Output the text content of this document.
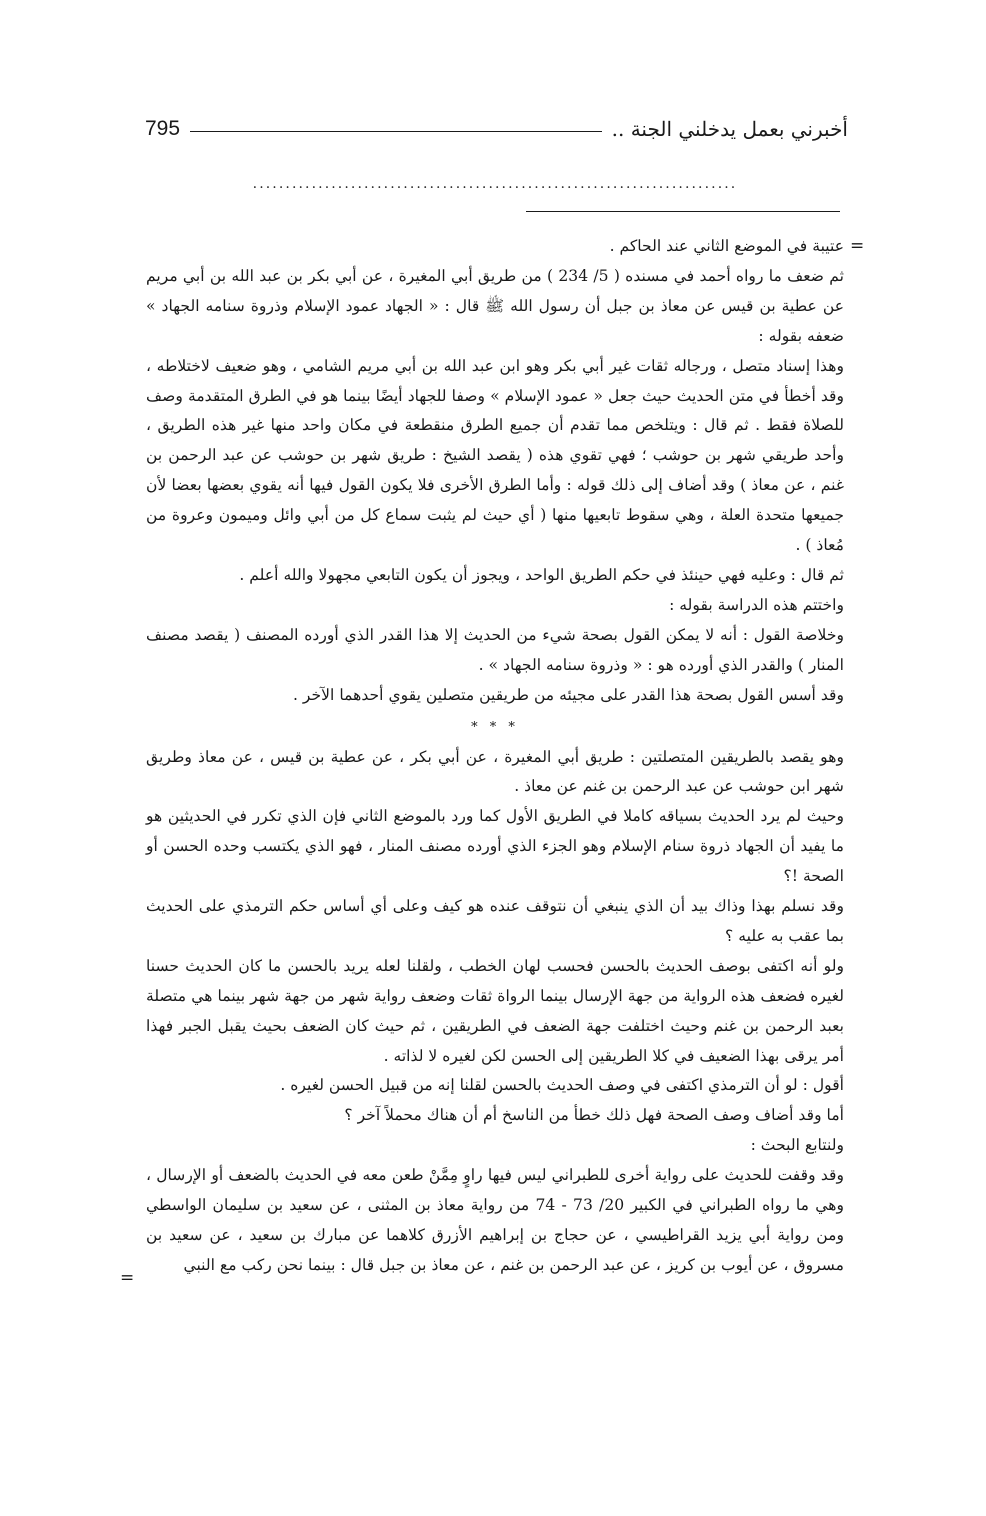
795	أخبرني بعمل يدخلني الجنة ..
..........................................................................
=
=

عتيبة في الموضع الثاني عند الحاكم .

ثم ضعف ما رواه أحمد في مسنده ( 5/ 234 ) من طريق أبي المغيرة ، عن أبي بكر بن عبد الله بن أبي مريم عن عطية بن قيس عن معاذ بن جبل أن رسول الله ﷺ قال : « الجهاد عمود الإسلام وذروة سنامه الجهاد » ضعفه بقوله :

وهذا إسناد متصل ، ورجاله ثقات غير أبي بكر وهو ابن عبد الله بن أبي مريم الشامي ، وهو ضعيف لاختلاطه ، وقد أخطأ في متن الحديث حيث جعل « عمود الإسلام » وصفا للجهاد أيضًا بينما هو في الطرق المتقدمة وصف للصلاة فقط . ثم قال : ويتلخص مما تقدم أن جميع الطرق منقطعة في مكان واحد منها غير هذه الطريق ، وأحد طريقي شهر بن حوشب ؛ فهي تقوي هذه ( يقصد الشيخ : طريق شهر بن حوشب عن عبد الرحمن بن غنم ، عن معاذ ) وقد أضاف إلى ذلك قوله : وأما الطرق الأخرى فلا يكون القول فيها أنه يقوي بعضها بعضا لأن جميعها متحدة العلة ، وهي سقوط تابعيها منها ( أي حيث لم يثبت سماع كل من أبي وائل وميمون وعروة من مُعاذ ) .

ثم قال : وعليه فهي حينئذ في حكم الطريق الواحد ، ويجوز أن يكون التابعي مجهولا والله أعلم .

واختتم هذه الدراسة بقوله :

وخلاصة القول : أنه لا يمكن القول بصحة شيء من الحديث إلا هذا القدر الذي أورده المصنف ( يقصد مصنف المنار ) والقدر الذي أورده هو : « وذروة سنامه الجهاد » .

وقد أسس القول بصحة هذا القدر على مجيئه من طريقين متصلين يقوي أحدهما الآخر .

* * *

وهو يقصد بالطريقين المتصلتين : طريق أبي المغيرة ، عن أبي بكر ، عن عطية بن قيس ، عن معاذ وطريق شهر ابن حوشب عن عبد الرحمن بن غنم عن معاذ .

وحيث لم يرد الحديث بسياقه كاملا في الطريق الأول كما ورد بالموضع الثاني فإن الذي تكرر في الحديثين هو ما يفيد أن الجهاد ذروة سنام الإسلام وهو الجزء الذي أورده مصنف المنار ، فهو الذي يكتسب وحده الحسن أو الصحة !؟

وقد نسلم بهذا وذاك بيد أن الذي ينبغي أن نتوقف عنده هو كيف وعلى أي أساس حكم الترمذي على الحديث بما عقب به عليه ؟

ولو أنه اكتفى بوصف الحديث بالحسن فحسب لهان الخطب ، ولقلنا لعله يريد بالحسن ما كان الحديث حسنا لغيره فضعف هذه الرواية من جهة الإرسال بينما الرواة ثقات وضعف رواية شهر من جهة شهر بينما هي متصلة بعبد الرحمن بن غنم وحيث اختلفت جهة الضعف في الطريقين ، ثم حيث كان الضعف بحيث يقبل الجبر فهذا أمر يرقى بهذا الضعيف في كلا الطريقين إلى الحسن لكن لغيره لا لذاته .

أقول : لو أن الترمذي اكتفى في وصف الحديث بالحسن لقلنا إنه من قبيل الحسن لغيره .

أما وقد أضاف وصف الصحة فهل ذلك خطأ من الناسخ أم أن هناك محملاً آخر ؟

ولنتابع البحث :

وقد وقفت للحديث على رواية أخرى للطبراني ليس فيها راوٍ مِمَّنْ طعن معه في الحديث بالضعف أو الإرسال ، وهي ما رواه الطبراني في الكبير 20/ 73 - 74 من رواية معاذ بن المثنى ، عن سعيد بن سليمان الواسطي ومن رواية أبي يزيد القراطيسي ، عن حجاج بن إبراهيم الأزرق كلاهما عن مبارك بن سعيد ، عن سعيد بن مسروق ، عن أيوب بن كريز ، عن عبد الرحمن بن غنم ، عن معاذ بن جبل قال : بينما نحن ركب مع النبي
